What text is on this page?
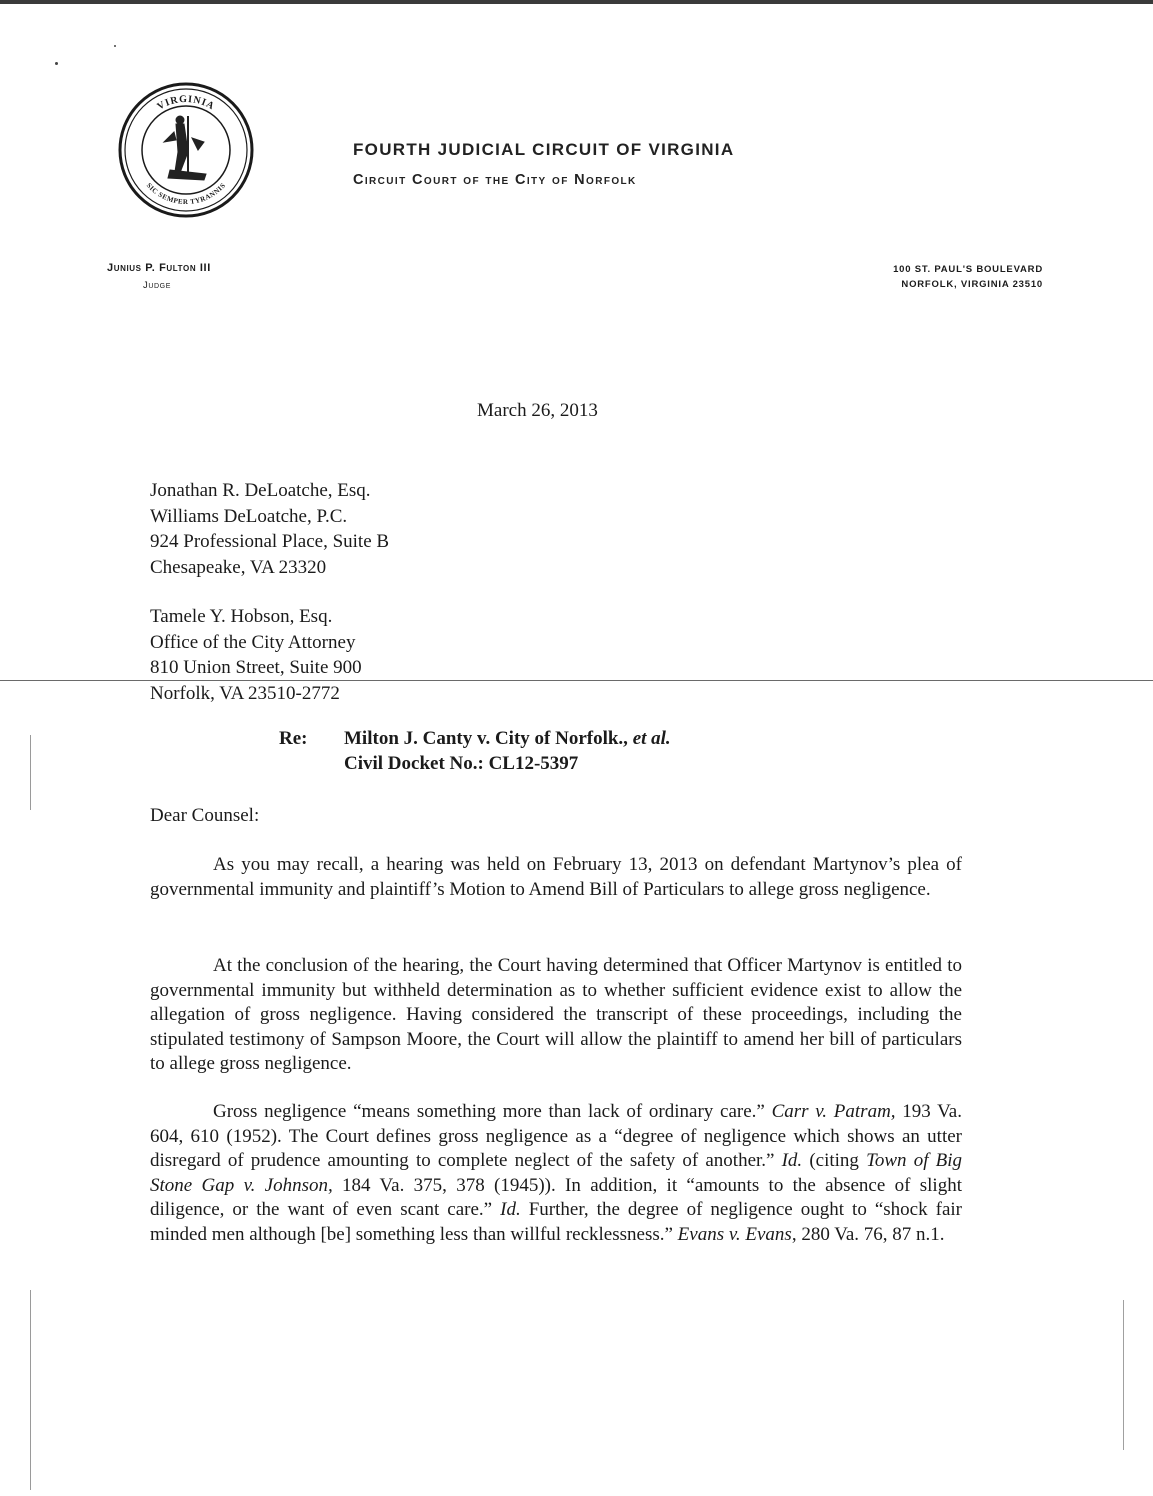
VIRGINIA
SIC SEMPER TYRANNIS
FOURTH JUDICIAL CIRCUIT OF VIRGINIA
Circuit Court of the City of Norfolk
Junius P. Fulton III
Judge
100 ST. PAUL'S BOULEVARD
NORFOLK, VIRGINIA 23510
March 26, 2013
Jonathan R. DeLoatche, Esq.
Williams DeLoatche, P.C.
924 Professional Place, Suite B
Chesapeake, VA 23320
Tamele Y. Hobson, Esq.
Office of the City Attorney
810 Union Street, Suite 900
Norfolk, VA 23510-2772
Re: Milton J. Canty v. City of Norfolk., et al.
Civil Docket No.: CL12-5397
Dear Counsel:

As you may recall, a hearing was held on February 13, 2013 on defendant Martynov’s plea of governmental immunity and plaintiff’s Motion to Amend Bill of Particulars to allege gross negligence.

At the conclusion of the hearing, the Court having determined that Officer Martynov is entitled to governmental immunity but withheld determination as to whether sufficient evidence exist to allow the allegation of gross negligence. Having considered the transcript of these proceedings, including the stipulated testimony of Sampson Moore, the Court will allow the plaintiff to amend her bill of particulars to allege gross negligence.

Gross negligence “means something more than lack of ordinary care.” Carr v. Patram, 193 Va. 604, 610 (1952). The Court defines gross negligence as a “degree of negligence which shows an utter disregard of prudence amounting to complete neglect of the safety of another.” Id. (citing Town of Big Stone Gap v. Johnson, 184 Va. 375, 378 (1945)). In addition, it “amounts to the absence of slight diligence, or the want of even scant care.” Id. Further, the degree of negligence ought to “shock fair minded men although [be] something less than willful recklessness.” Evans v. Evans, 280 Va. 76, 87 n.1.
